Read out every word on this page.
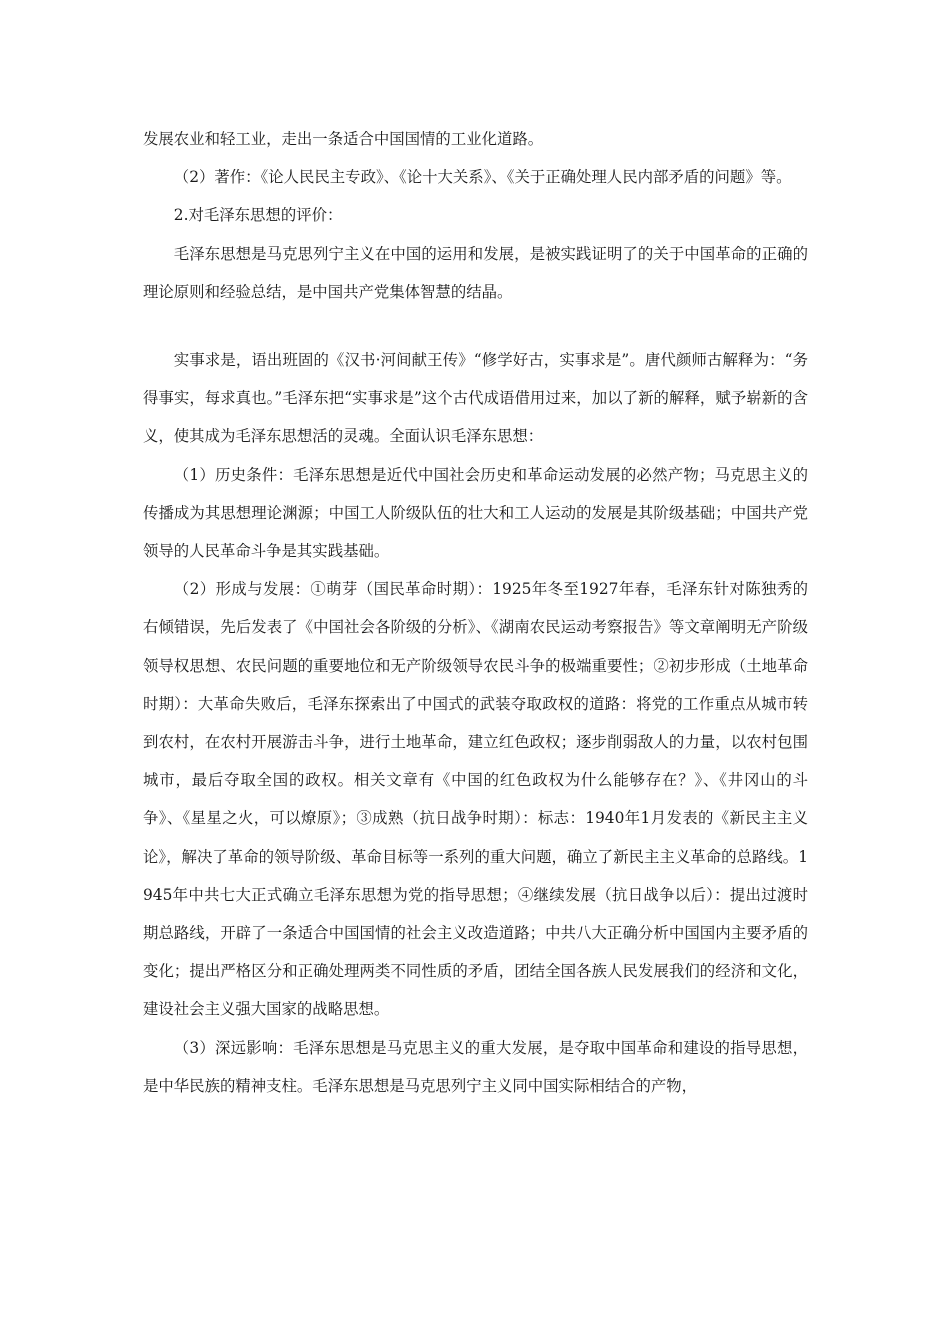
发展农业和轻工业，走出一条适合中国国情的工业化道路。

（2）著作：《论人民民主专政》、《论十大关系》、《关于正确处理人民内部矛盾的问题》等。

2.对毛泽东思想的评价：

毛泽东思想是马克思列宁主义在中国的运用和发展，是被实践证明了的关于中国革命的正确的理论原则和经验总结，是中国共产党集体智慧的结晶。

实事求是，语出班固的《汉书·河间献王传》“修学好古，实事求是”。唐代颜师古解释为：“务得事实，每求真也。”毛泽东把“实事求是”这个古代成语借用过来，加以了新的解释，赋予崭新的含义，使其成为毛泽东思想活的灵魂。全面认识毛泽东思想：

（1）历史条件：毛泽东思想是近代中国社会历史和革命运动发展的必然产物；马克思主义的传播成为其思想理论渊源；中国工人阶级队伍的壮大和工人运动的发展是其阶级基础；中国共产党领导的人民革命斗争是其实践基础。

（2）形成与发展：①萌芽（国民革命时期）：1925年冬至1927年春，毛泽东针对陈独秀的右倾错误，先后发表了《中国社会各阶级的分析》、《湖南农民运动考察报告》等文章阐明无产阶级领导权思想、农民问题的重要地位和无产阶级领导农民斗争的极端重要性；②初步形成（土地革命时期）：大革命失败后，毛泽东探索出了中国式的武装夺取政权的道路：将党的工作重点从城市转到农村，在农村开展游击斗争，进行土地革命，建立红色政权；逐步削弱敌人的力量，以农村包围城市，最后夺取全国的政权。相关文章有《中国的红色政权为什么能够存在？》、《井冈山的斗争》、《星星之火，可以燎原》；③成熟（抗日战争时期）：标志：1940年1月发表的《新民主主义论》，解决了革命的领导阶级、革命目标等一系列的重大问题，确立了新民主主义革命的总路线。1945年中共七大正式确立毛泽东思想为党的指导思想；④继续发展（抗日战争以后）：提出过渡时期总路线，开辟了一条适合中国国情的社会主义改造道路；中共八大正确分析中国国内主要矛盾的变化；提出严格区分和正确处理两类不同性质的矛盾，团结全国各族人民发展我们的经济和文化，建设社会主义强大国家的战略思想。

（3）深远影响：毛泽东思想是马克思主义的重大发展，是夺取中国革命和建设的指导思想，是中华民族的精神支柱。毛泽东思想是马克思列宁主义同中国实际相结合的产物，
